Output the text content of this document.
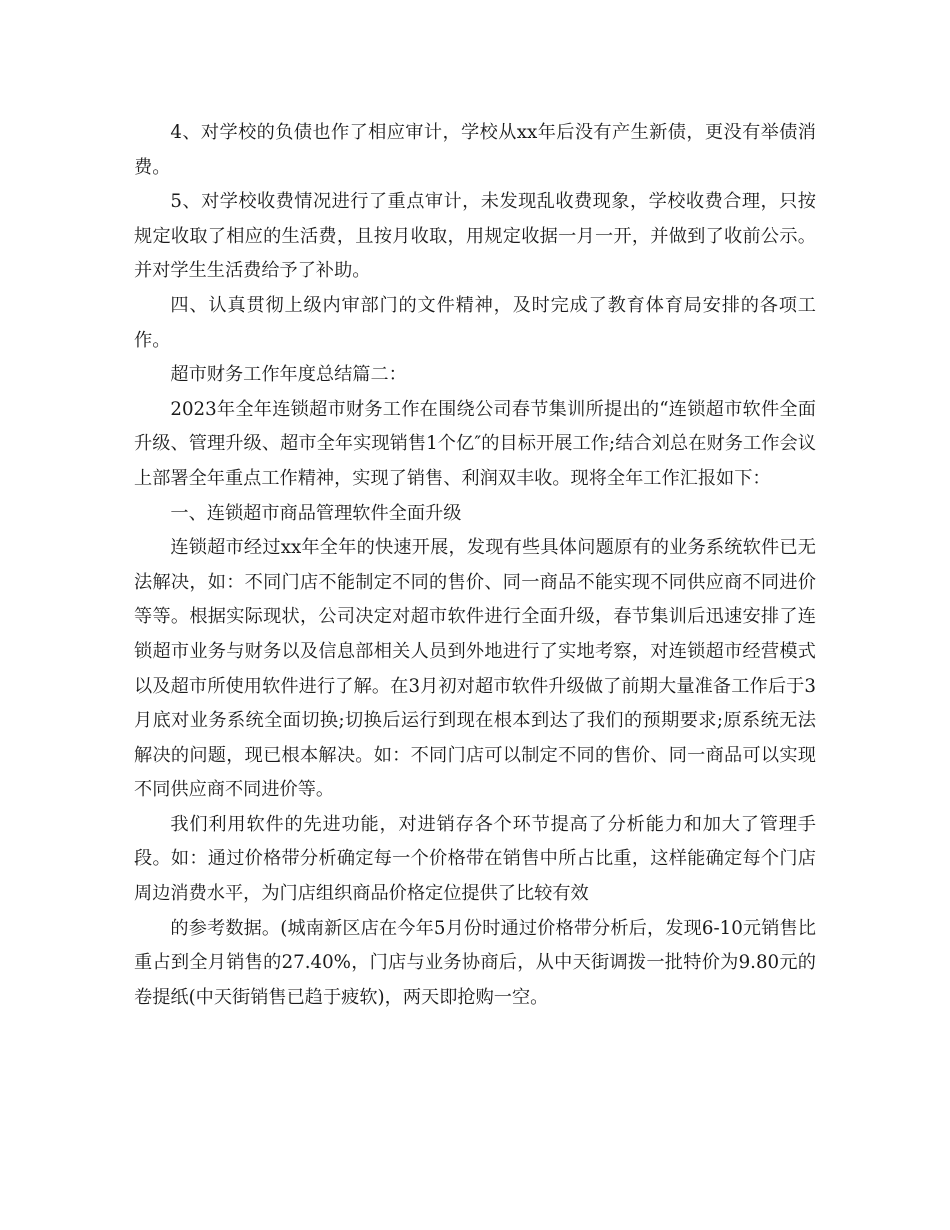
4、对学校的负债也作了相应审计，学校从xx年后没有产生新债，更没有举债消费。

5、对学校收费情况进行了重点审计，未发现乱收费现象，学校收费合理，只按规定收取了相应的生活费，且按月收取，用规定收据一月一开，并做到了收前公示。并对学生生活费给予了补助。

四、认真贯彻上级内审部门的文件精神，及时完成了教育体育局安排的各项工作。

超市财务工作年度总结篇二：

2023年全年连锁超市财务工作在围绕公司春节集训所提出的“连锁超市软件全面升级、管理升级、超市全年实现销售1个亿″的目标开展工作;结合刘总在财务工作会议上部署全年重点工作精神，实现了销售、利润双丰收。现将全年工作汇报如下：

一、连锁超市商品管理软件全面升级

连锁超市经过xx年全年的快速开展，发现有些具体问题原有的业务系统软件已无法解决，如：不同门店不能制定不同的售价、同一商品不能实现不同供应商不同进价等等。根据实际现状，公司决定对超市软件进行全面升级，春节集训后迅速安排了连锁超市业务与财务以及信息部相关人员到外地进行了实地考察，对连锁超市经营模式以及超市所使用软件进行了解。在3月初对超市软件升级做了前期大量准备工作后于3月底对业务系统全面切换;切换后运行到现在根本到达了我们的预期要求;原系统无法解决的问题，现已根本解决。如：不同门店可以制定不同的售价、同一商品可以实现不同供应商不同进价等。

我们利用软件的先进功能，对进销存各个环节提高了分析能力和加大了管理手段。如：通过价格带分析确定每一个价格带在销售中所占比重，这样能确定每个门店周边消费水平，为门店组织商品价格定位提供了比较有效

的参考数据。(城南新区店在今年5月份时通过价格带分析后，发现6-10元销售比重占到全月销售的27.40%，门店与业务协商后，从中天街调拨一批特价为9.80元的卷提纸(中天街销售已趋于疲软)，两天即抢购一空。
